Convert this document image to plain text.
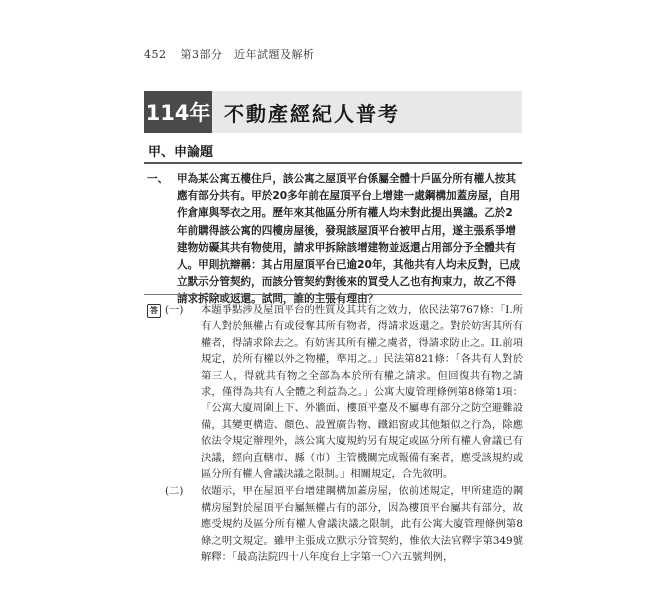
452 第3部分　近年試題及解析
114年 不動產經紀人普考
甲、申論題
一、 甲為某公寓五樓住戶，該公寓之屋頂平台係屬全體十戶區分所有權人按其應有部分共有。甲於20多年前在屋頂平台上增建一處鋼構加蓋房屋，自用作倉庫與琴衣之用。歷年來其他區分所有權人均未對此提出異議。乙於2年前購得該公寓的四樓房屋後，發現該屋頂平台被甲占用，遂主張系爭增建物妨礙其共有物使用，請求甲拆除該增建物並返還占用部分予全體共有人。甲則抗辯稱：其占用屋頂平台已逾20年，其他共有人均未反對，已成立默示分管契約，而該分管契約對後來的買受人乙也有拘束力，故乙不得請求拆除或返還。試問，誰的主張有理由？
答 (一)	本題爭點涉及屋頂平台的性質及其共有之效力，依民法第767條：「I.所有人對於無權占有或侵奪其所有物者，得請求返還之。對於妨害其所有權者，得請求除去之。有妨害其所有權之虞者，得請求防止之。II.前項規定，於所有權以外之物權，準用之。」民法第821條：「各共有人對於第三人，得就共有物之全部為本於所有權之請求。但回復共有物之請求，僅得為共有人全體之利益為之。」公寓大廈管理條例第8條第1項：「公寓大廈周圍上下、外牆面、樓頂平臺及不屬專有部分之防空避難設備，其變更構造、顏色、設置廣告物、鐵鋁窗或其他類似之行為，除應依法令規定辦理外，該公寓大廈規約另有規定或區分所有權人會議已有決議，經向直轄市、縣（市）主管機關完成報備有案者，應受該規約或區分所有權人會議決議之限制。」相關規定，合先敘明。
(二)	依題示，甲在屋頂平台增建鋼構加蓋房屋，依前述規定，甲所建造的鋼構房屋對於屋頂平台屬無權占有的部分，因為樓頂平台屬共有部分，故應受規約及區分所有權人會議決議之限制，此有公寓大廈管理條例第8條之明文規定。雖甲主張成立默示分管契約，惟依大法官釋字第349號解釋：「最高法院四十八年度台上字第一〇六五號判例，
